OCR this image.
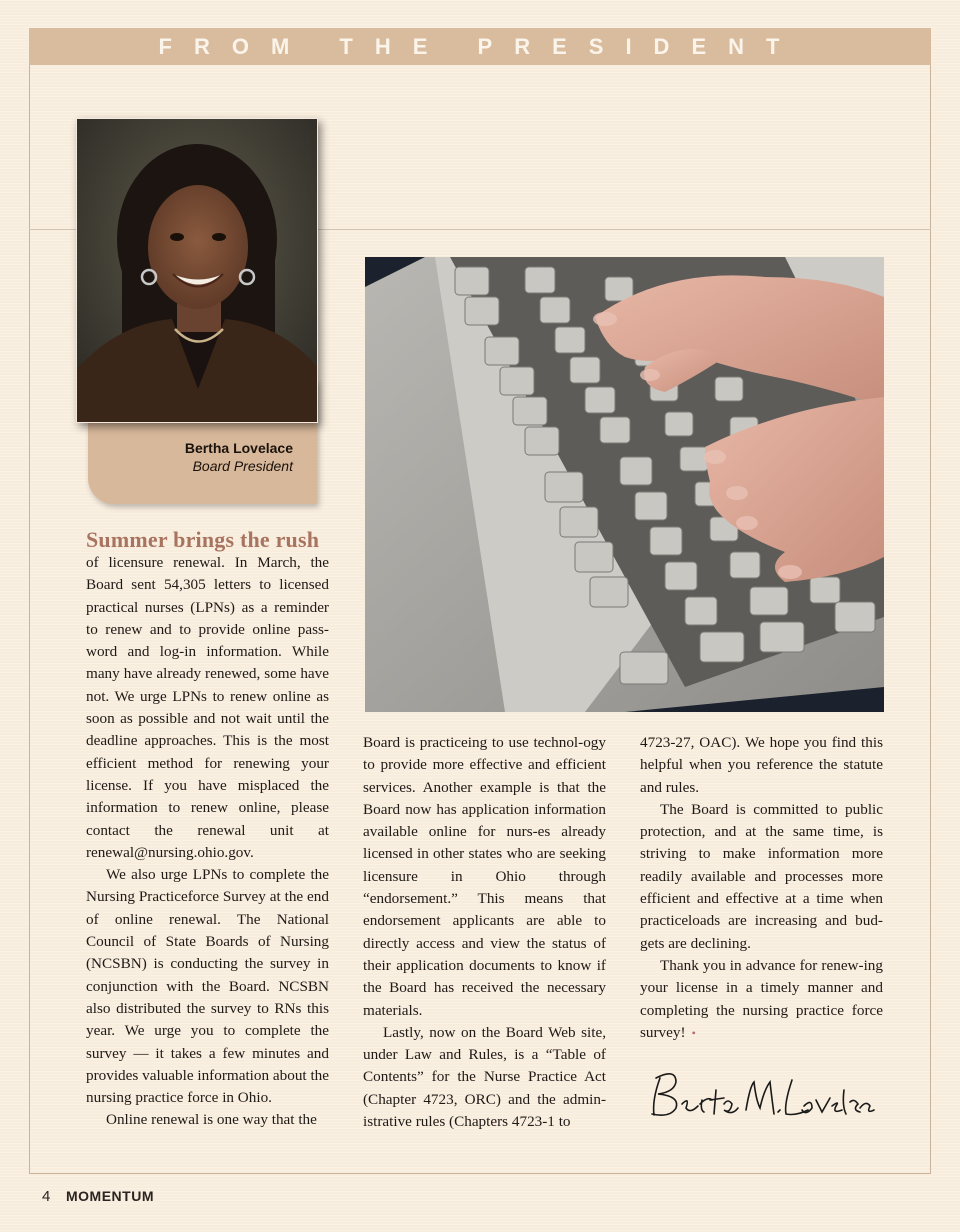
FROM THE PRESIDENT
Bertha Lovelace
Board President
Summer brings the rush

of licensure renewal. In March, the Board sent 54,305 letters to licensed practical nurses (LPNs) as a reminder to renew and to provide online pass-word and log-in information. While many have already renewed, some have not. We urge LPNs to renew online as soon as possible and not wait until the deadline approaches. This is the most efficient method for renewing your license. If you have misplaced the information to renew online, please contact the renewal unit at renewal@nursing.ohio.gov.

We also urge LPNs to complete the Nursing Practiceforce Survey at the end of online renewal. The National Council of State Boards of Nursing (NCSBN) is conducting the survey in conjunction with the Board. NCSBN also distributed the survey to RNs this year. We urge you to complete the survey — it takes a few minutes and provides valuable information about the nursing practice force in Ohio.

Online renewal is one way that the

Board is practiceing to use technol-ogy to provide more effective and efficient services. Another example is that the Board now has application information available online for nurs-es already licensed in other states who are seeking licensure in Ohio through “endorsement.” This means that endorsement applicants are able to directly access and view the status of their application documents to know if the Board has received the necessary materials.

Lastly, now on the Board Web site, under Law and Rules, is a “Table of Contents” for the Nurse Practice Act (Chapter 4723, ORC) and the admin-istrative rules (Chapters 4723-1 to

4723-27, OAC). We hope you find this helpful when you reference the statute and rules.

The Board is committed to public protection, and at the same time, is striving to make information more readily available and processes more efficient and effective at a time when practiceloads are increasing and bud-gets are declining.

Thank you in advance for renew-ing your license in a timely manner and completing the nursing practice force survey! •

Bertha M. Lovelace
4 MOMENTUM
